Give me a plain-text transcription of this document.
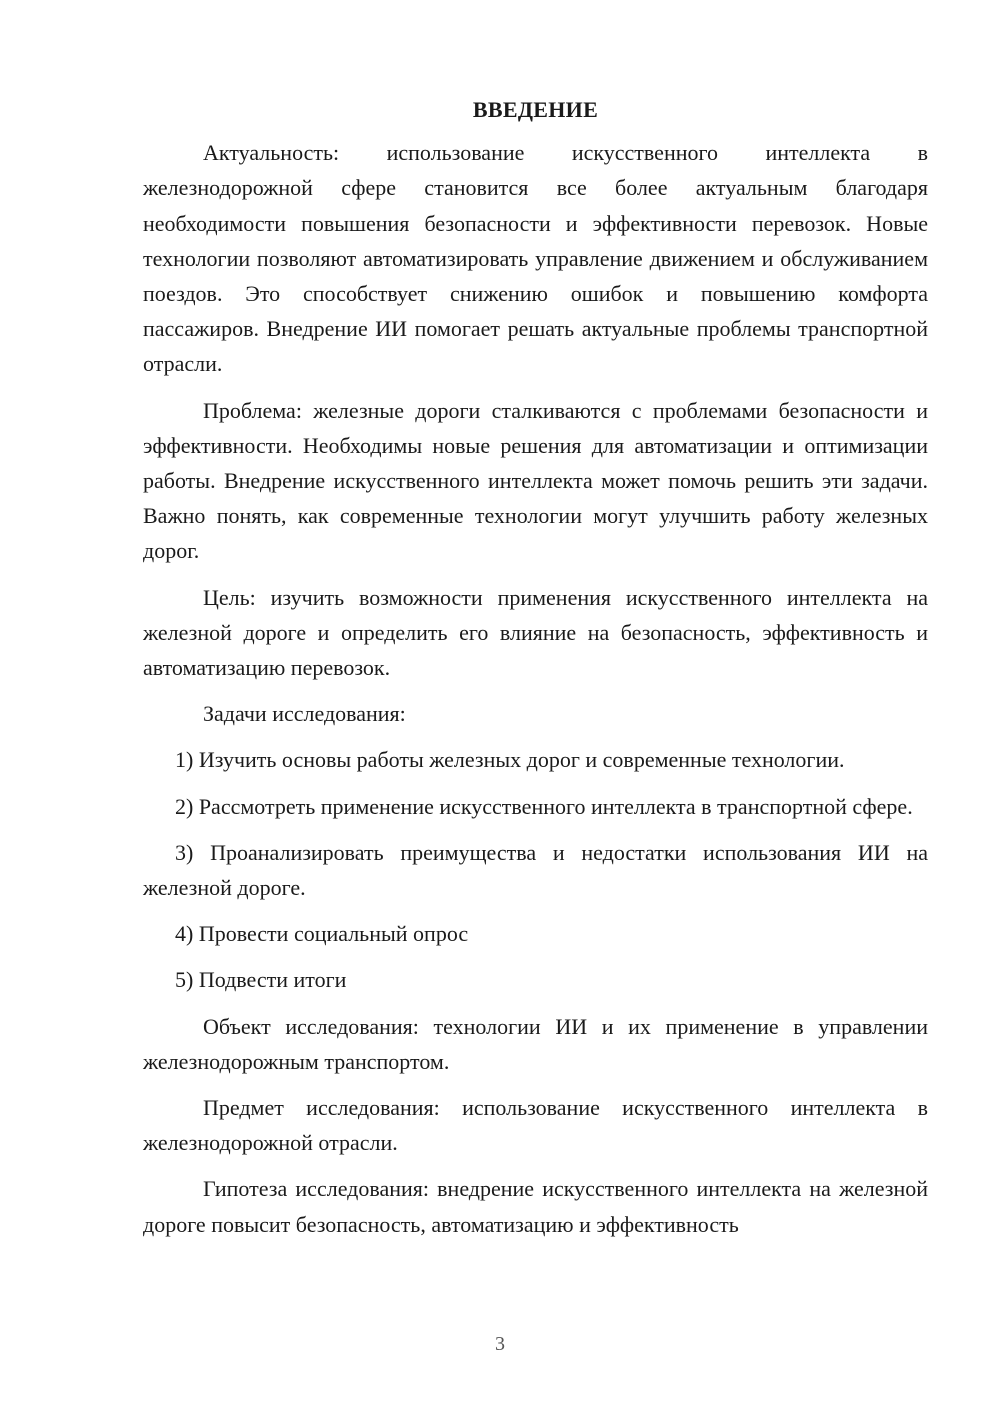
ВВЕДЕНИЕ

Актуальность: использование искусственного интеллекта в железнодорожной сфере становится все более актуальным благодаря необходимости повышения безопасности и эффективности перевозок. Новые технологии позволяют автоматизировать управление движением и обслуживанием поездов. Это способствует снижению ошибок и повышению комфорта пассажиров. Внедрение ИИ помогает решать актуальные проблемы транспортной отрасли.

Проблема: железные дороги сталкиваются с проблемами безопасности и эффективности. Необходимы новые решения для автоматизации и оптимизации работы. Внедрение искусственного интеллекта может помочь решить эти задачи. Важно понять, как современные технологии могут улучшить работу железных дорог.

Цель: изучить возможности применения искусственного интеллекта на железной дороге и определить его влияние на безопасность, эффективность и автоматизацию перевозок.

Задачи исследования:

1) Изучить основы работы железных дорог и современные технологии.

2) Рассмотреть применение искусственного интеллекта в транспортной сфере.

3) Проанализировать преимущества и недостатки использования ИИ на железной дороге.

4) Провести социальный опрос

5) Подвести итоги

Объект исследования: технологии ИИ и их применение в управлении железнодорожным транспортом.

Предмет исследования: использование искусственного интеллекта в железнодорожной отрасли.

Гипотеза исследования: внедрение искусственного интеллекта на железной дороге повысит безопасность, автоматизацию и эффективность

3
